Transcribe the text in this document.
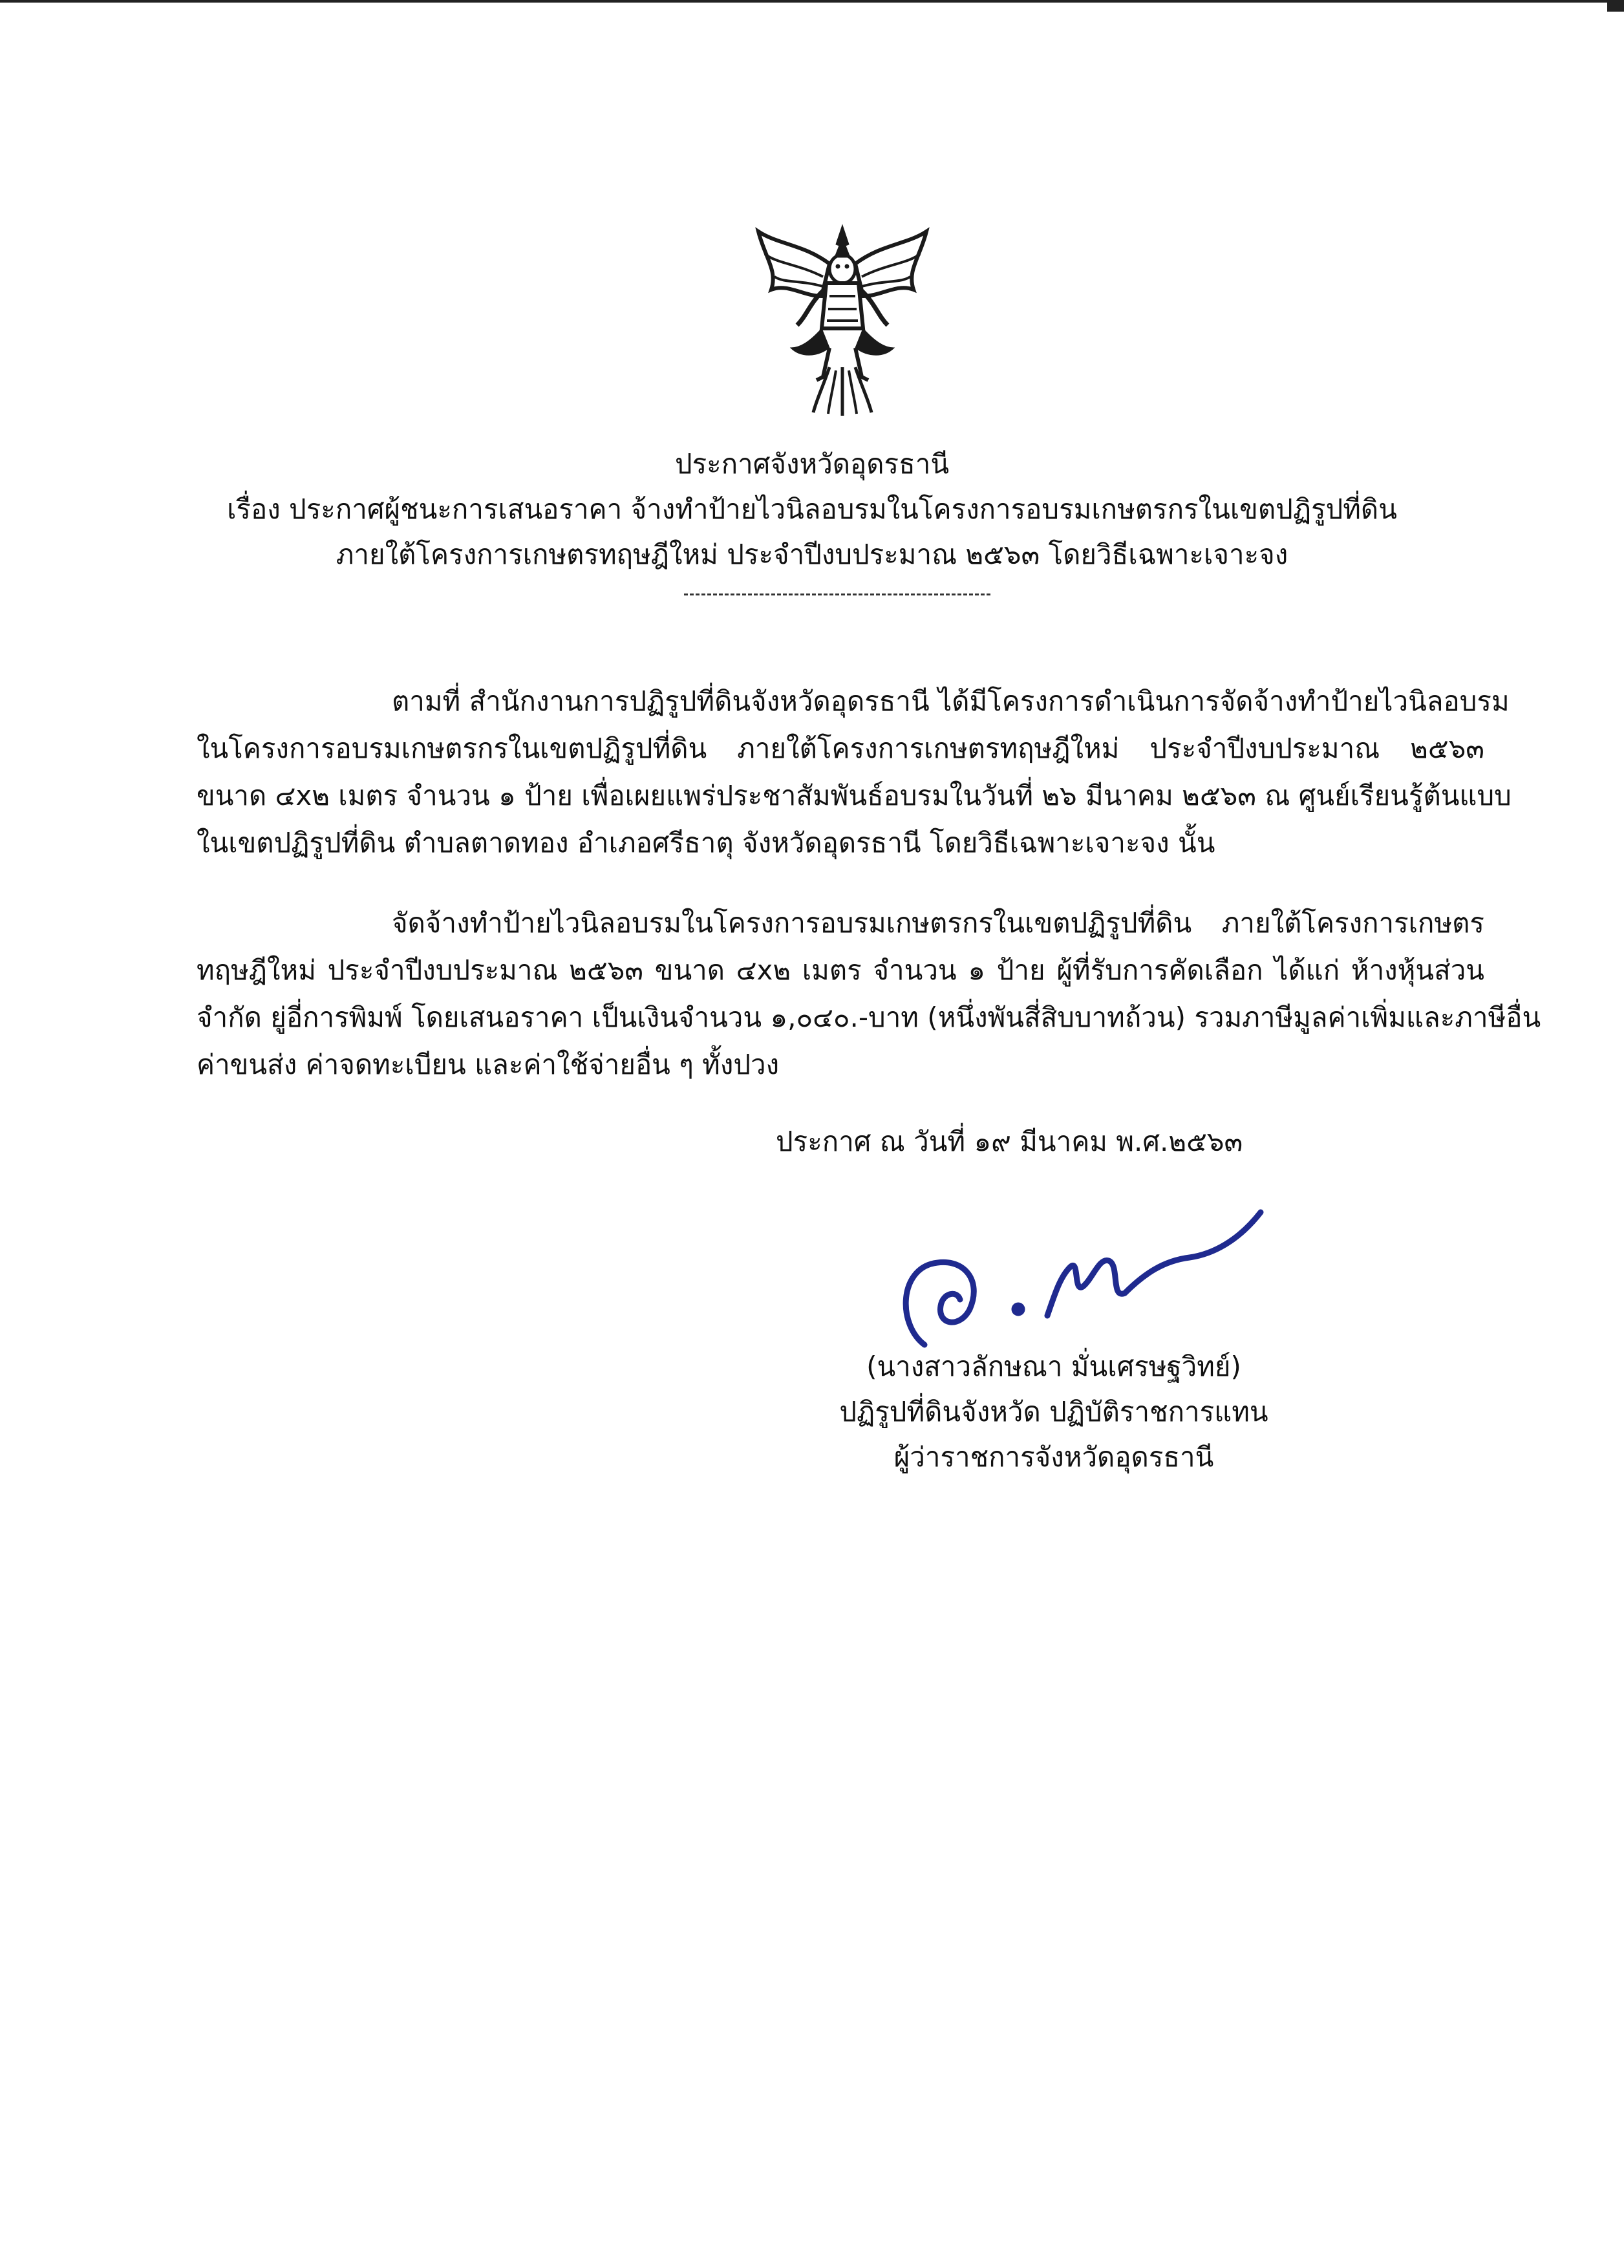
ประกาศจังหวัดอุดรธานี
เรื่อง ประกาศผู้ชนะการเสนอราคา จ้างทำป้ายไวนิลอบรมในโครงการอบรมเกษตรกรในเขตปฏิรูปที่ดิน
ภายใต้โครงการเกษตรทฤษฎีใหม่ ประจำปีงบประมาณ ๒๕๖๓ โดยวิธีเฉพาะเจาะจง
ตามที่ สำนักงานการปฏิรูปที่ดินจังหวัดอุดรธานี ได้มีโครงการดำเนินการจัดจ้างทำป้ายไวนิลอบรม
ในโครงการอบรมเกษตรกรในเขตปฏิรูปที่ดิน ภายใต้โครงการเกษตรทฤษฎีใหม่ ประจำปีงบประมาณ ๒๕๖๓
ขนาด ๔x๒ เมตร จำนวน ๑ ป้าย เพื่อเผยแพร่ประชาสัมพันธ์อบรมในวันที่ ๒๖ มีนาคม ๒๕๖๓ ณ ศูนย์เรียนรู้ต้นแบบ
ในเขตปฏิรูปที่ดิน ตำบลตาดทอง อำเภอศรีธาตุ จังหวัดอุดรธานี โดยวิธีเฉพาะเจาะจง นั้น
จัดจ้างทำป้ายไวนิลอบรมในโครงการอบรมเกษตรกรในเขตปฏิรูปที่ดิน ภายใต้โครงการเกษตร
ทฤษฎีใหม่ ประจำปีงบประมาณ ๒๕๖๓ ขนาด ๔x๒ เมตร จำนวน ๑ ป้าย ผู้ที่รับการคัดเลือก ได้แก่ ห้างหุ้นส่วน
จำกัด ยู่อี่การพิมพ์ โดยเสนอราคา เป็นเงินจำนวน ๑,๐๔๐.-บาท (หนึ่งพันสี่สิบบาทถ้วน) รวมภาษีมูลค่าเพิ่มและภาษีอื่น
ค่าขนส่ง ค่าจดทะเบียน และค่าใช้จ่ายอื่น ๆ ทั้งปวง
ประกาศ ณ วันที่ ๑๙ มีนาคม พ.ศ.๒๕๖๓
(นางสาวลักษณา มั่นเศรษฐวิทย์)
ปฏิรูปที่ดินจังหวัด ปฏิบัติราชการแทน
ผู้ว่าราชการจังหวัดอุดรธานี
